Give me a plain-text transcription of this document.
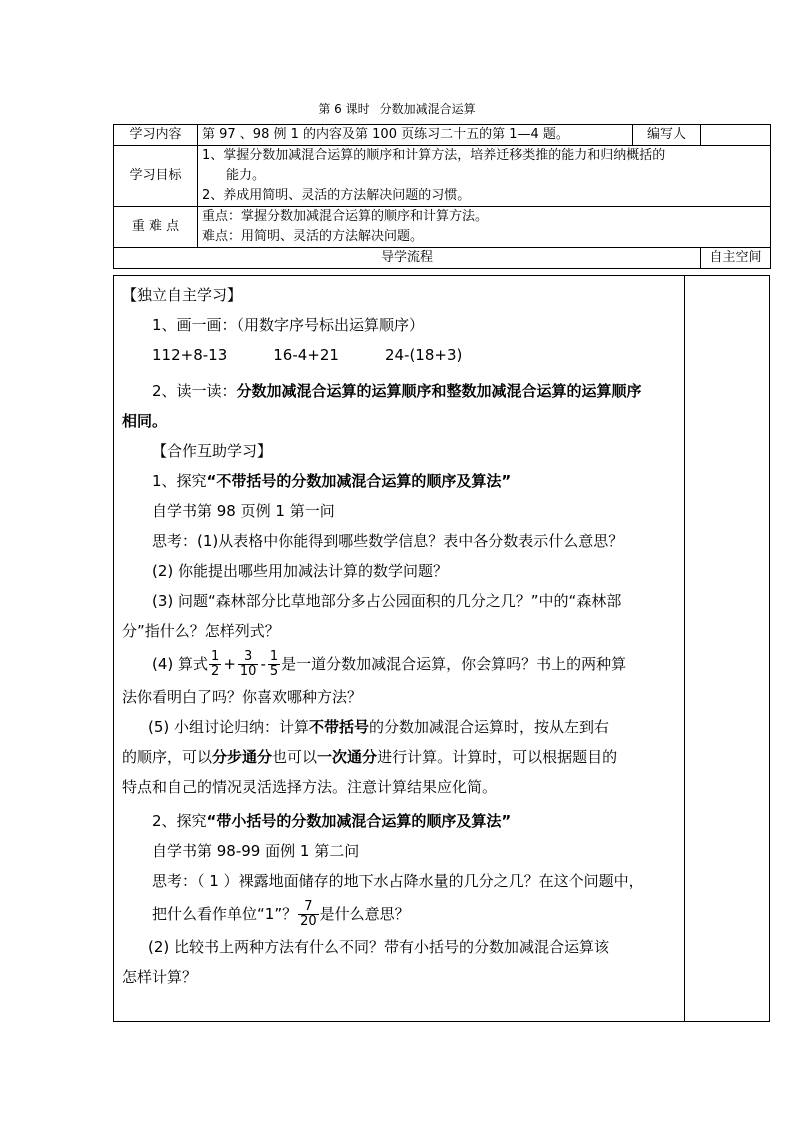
第 6 课时 分数加减混合运算
学习内容	第 97 、98 例 1 的内容及第 100 页练习二十五的第 1—4 题。	编写人	
学习目标	1、掌握分数加减混合运算的顺序和计算方法，培养迁移类推的能力和归纳概括的
能力。
2、养成用简明、灵活的方法解决问题的习惯。		

重 难 点	重点：掌握分数加减混合运算的顺序和计算方法。
难点：用简明、灵活的方法解决问题。		

导学流程			自主空间

【独立自主学习】

1、画一画：（用数字序号标出运算顺序）

112+8-13	16-4+21	24-(18+3)

2、读一读：分数加减混合运算的运算顺序和整数加减混合运算的运算顺序

相同。

【合作互助学习】

1、探究“不带括号的分数加减混合运算的顺序及算法”

自学书第 98 页例 1 第一问

思考：(1)从表格中你能得到哪些数学信息？表中各分数表示什么意思？

(2) 你能提出哪些用加减法计算的数学问题？

(3) 问题“森林部分比草地部分多占公园面积的几分之几？”中的“森林部

分”指什么？怎样列式？

(4) 算式 $\frac{1}{2} + \frac{3}{10} - \frac{1}{5}$ 是一道分数加减混合运算，你会算吗？书上的两种算

法你看明白了吗？你喜欢哪种方法？

(5) 小组讨论归纳：计算不带括号的分数加减混合运算时，按从左到右

的顺序，可以分步通分也可以一次通分进行计算。计算时，可以根据题目的

特点和自己的情况灵活选择方法。注意计算结果应化简。

2、探究“带小括号的分数加减混合运算的顺序及算法”

自学书第 98-99 面例 1 第二问

思考：（ 1 ）裸露地面储存的地下水占降水量的几分之几？在这个问题中，

把什么看作单位“1”？ $\frac{7}{20}$ 是什么意思？

(2) 比较书上两种方法有什么不同？带有小括号的分数加减混合运算该

怎样计算？
